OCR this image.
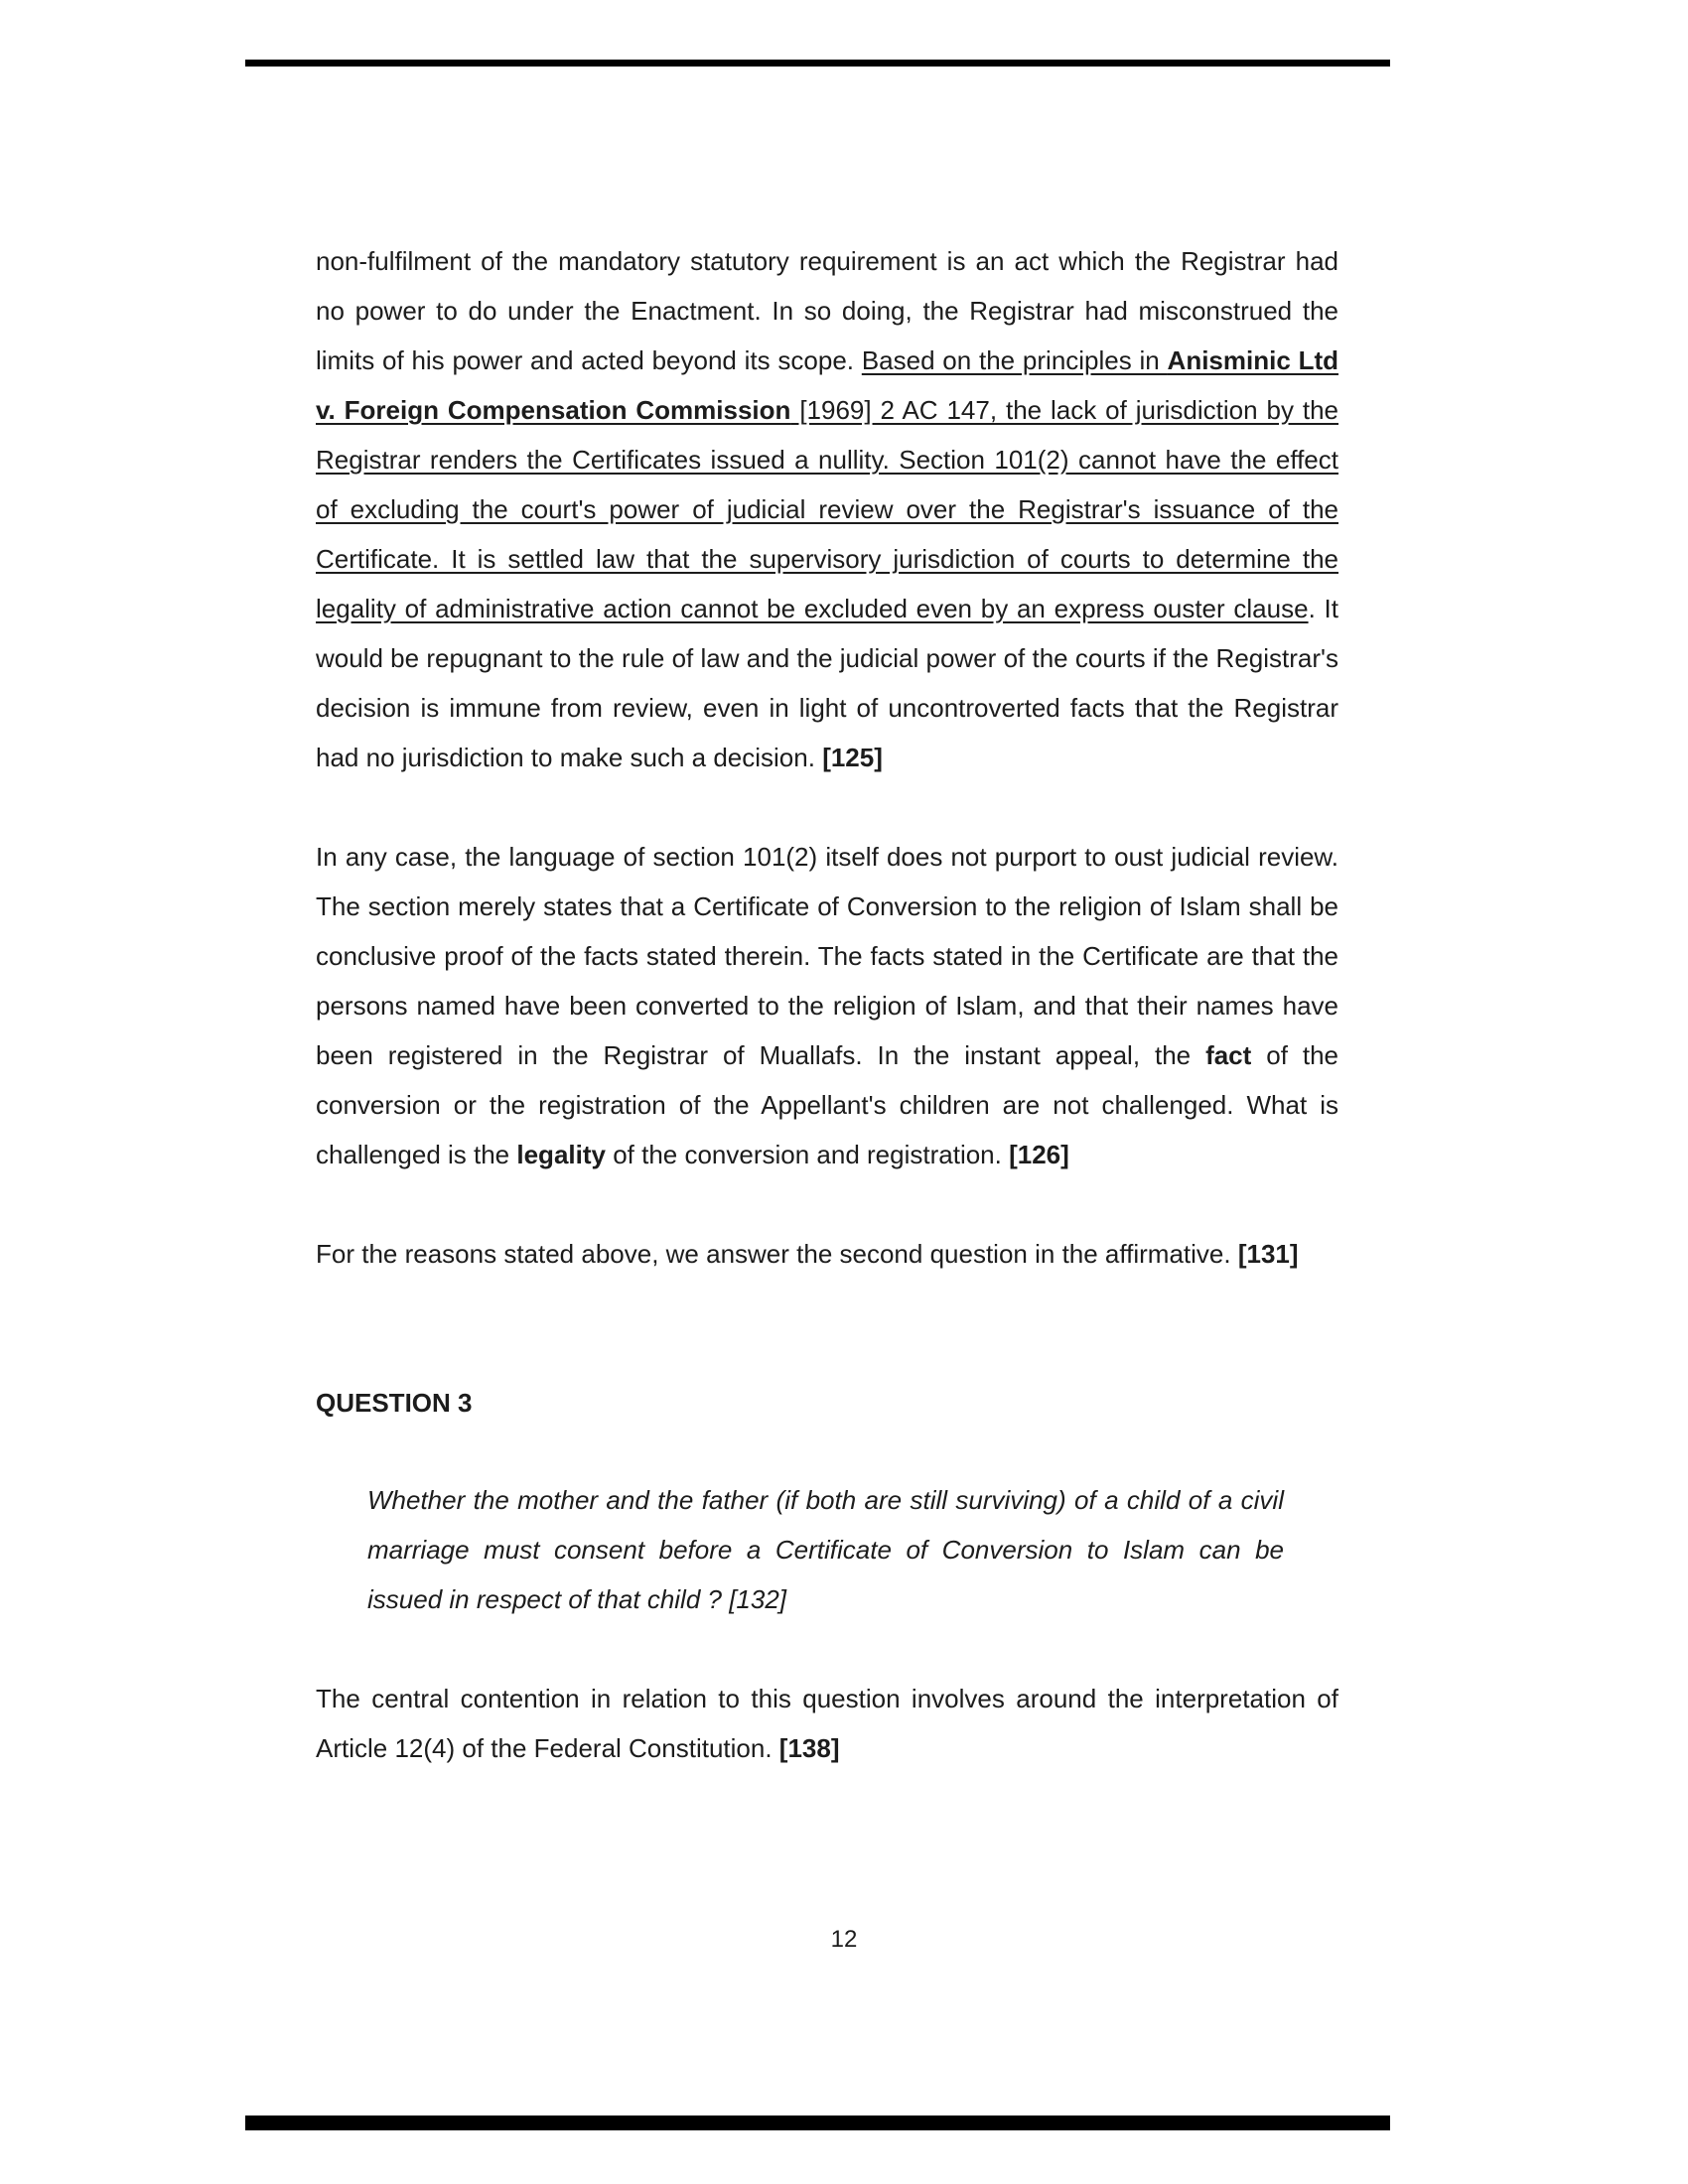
non-fulfilment of the mandatory statutory requirement is an act which the Registrar had no power to do under the Enactment. In so doing, the Registrar had misconstrued the limits of his power and acted beyond its scope. Based on the principles in Anisminic Ltd v. Foreign Compensation Commission [1969] 2 AC 147, the lack of jurisdiction by the Registrar renders the Certificates issued a nullity. Section 101(2) cannot have the effect of excluding the court's power of judicial review over the Registrar's issuance of the Certificate. It is settled law that the supervisory jurisdiction of courts to determine the legality of administrative action cannot be excluded even by an express ouster clause. It would be repugnant to the rule of law and the judicial power of the courts if the Registrar's decision is immune from review, even in light of uncontroverted facts that the Registrar had no jurisdiction to make such a decision. [125]

In any case, the language of section 101(2) itself does not purport to oust judicial review. The section merely states that a Certificate of Conversion to the religion of Islam shall be conclusive proof of the facts stated therein. The facts stated in the Certificate are that the persons named have been converted to the religion of Islam, and that their names have been registered in the Registrar of Muallafs. In the instant appeal, the fact of the conversion or the registration of the Appellant's children are not challenged. What is challenged is the legality of the conversion and registration. [126]

For the reasons stated above, we answer the second question in the affirmative. [131]

QUESTION 3

Whether the mother and the father (if both are still surviving) of a child of a civil marriage must consent before a Certificate of Conversion to Islam can be issued in respect of that child ? [132]

The central contention in relation to this question involves around the interpretation of Article 12(4) of the Federal Constitution. [138]

12
